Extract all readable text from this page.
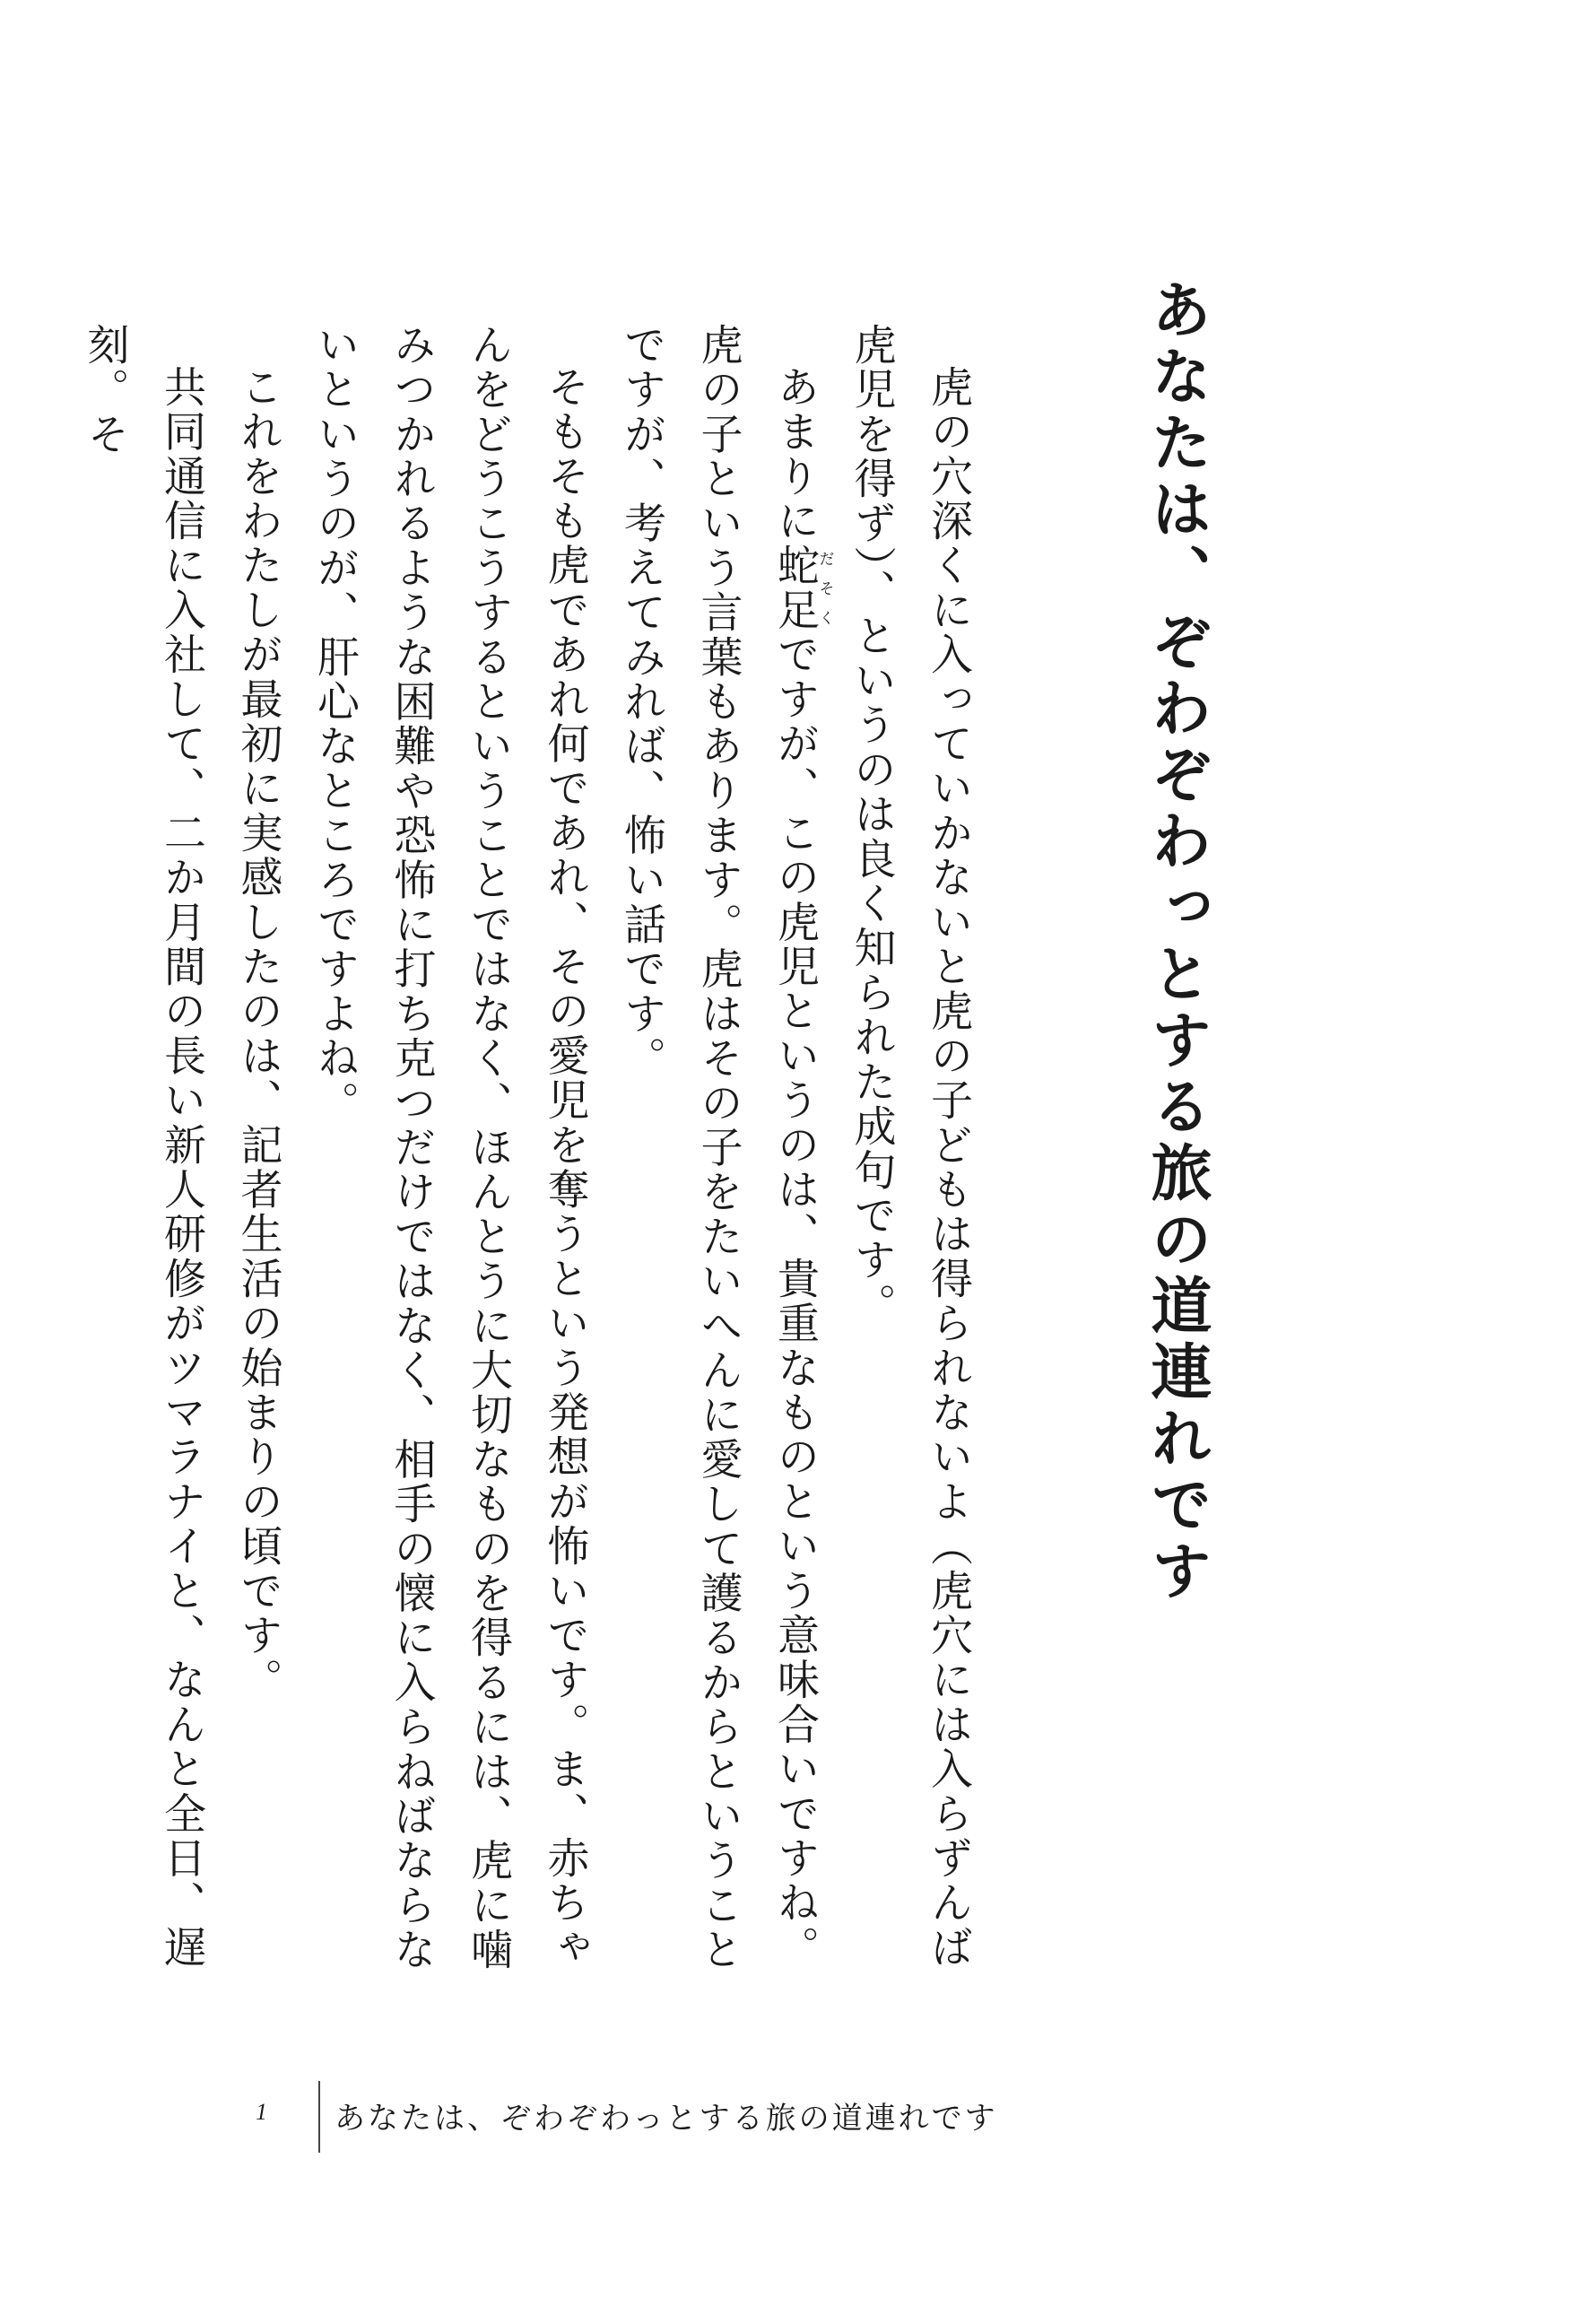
あなたは、ぞわぞわっとする旅の道連れです

虎の穴深くに入っていかないと虎の子どもは得られないよ（虎穴には入らずんば虎児を得ず）、というのは良く知られた成句です。

あまりに蛇足だそくですが、この虎児というのは、貴重なものという意味合いですね。虎の子という言葉もあります。虎はその子をたいへんに愛して護るからということですが、考えてみれば、怖い話です。

そもそも虎であれ何であれ、その愛児を奪うという発想が怖いです。ま、赤ちゃんをどうこうするということではなく、ほんとうに大切なものを得るには、虎に噛みつかれるような困難や恐怖に打ち克つだけではなく、相手の懐に入らねばならないというのが、肝心なところですよね。

これをわたしが最初に実感したのは、記者生活の始まりの頃です。

共同通信に入社して、二か月間の長い新人研修がツマラナイと、なんと全日、遅刻。そ

1 あなたは、ぞわぞわっとする旅の道連れです
